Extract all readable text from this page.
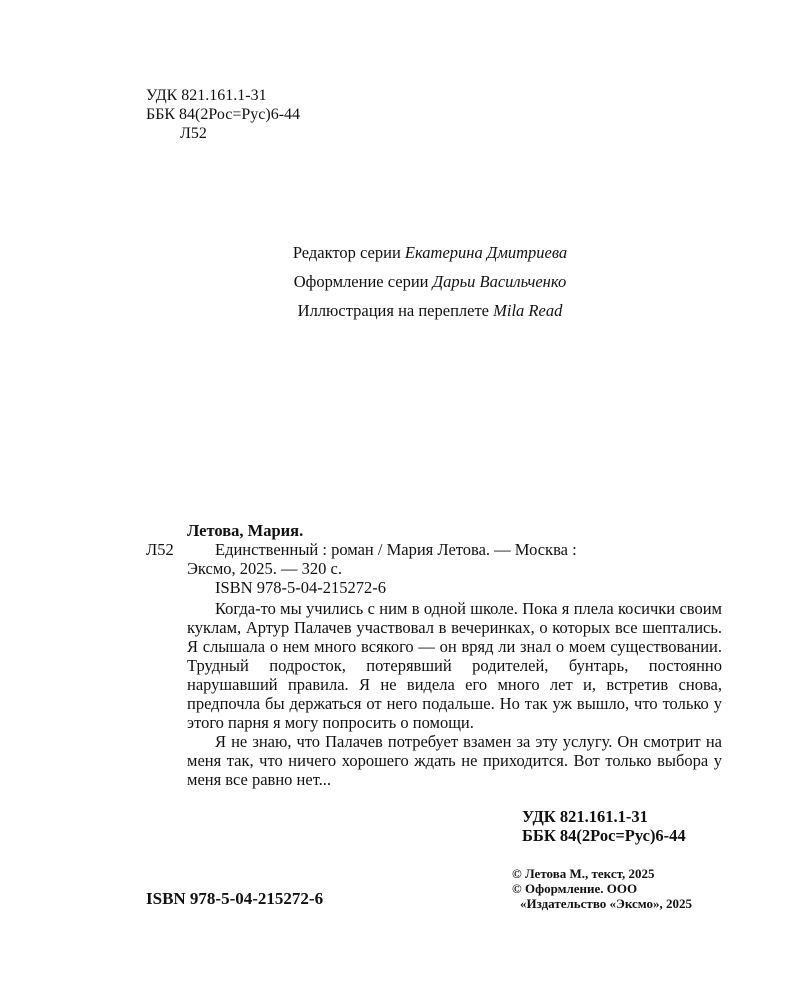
УДК 821.161.1-31
ББК 84(2Рос=Рус)6-44
Л52
Редактор серии Екатерина Дмитриева
Оформление серии Дарьи Васильченко
Иллюстрация на переплете Mila Read
Летова, Мария.
Л52	Единственный : роман / Мария Летова. — Москва :
Эксмо, 2025. — 320 с.
ISBN 978-5-04-215272-6

Когда-то мы учились с ним в одной школе. Пока я плела косички своим куклам, Артур Палачев участвовал в вечеринках, о которых все шептались. Я слышала о нем много всякого — он вряд ли знал о моем существовании. Трудный подросток, потерявший родителей, бунтарь, постоянно нарушавший правила. Я не видела его много лет и, встретив снова, предпочла бы держаться от него подальше. Но так уж вышло, что только у этого парня я могу попросить о помощи.

Я не знаю, что Палачев потребует взамен за эту услугу. Он смотрит на меня так, что ничего хорошего ждать не приходится. Вот только выбора у меня все равно нет...

УДК 821.161.1-31
ББК 84(2Рос=Рус)6-44
© Летова М., текст, 2025
© Оформление. ООО
«Издательство «Эксмо», 2025
ISBN 978-5-04-215272-6
